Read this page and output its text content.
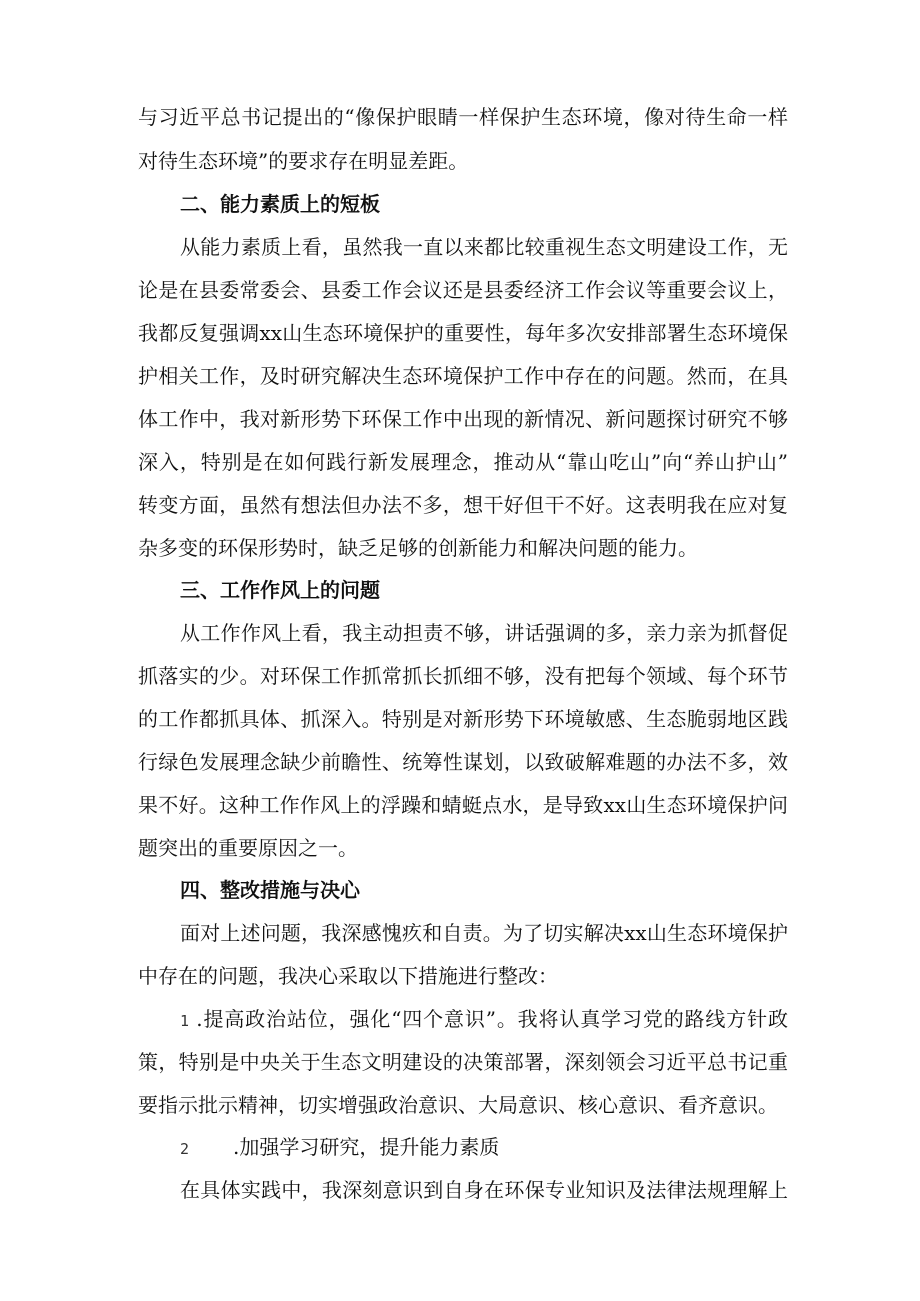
与习近平总书记提出的“像保护眼睛一样保护生态环境，像对待生命一样
对待生态环境”的要求存在明显差距。
二、能力素质上的短板
从能力素质上看，虽然我一直以来都比较重视生态文明建设工作，无
论是在县委常委会、县委工作会议还是县委经济工作会议等重要会议上，
我都反复强调xx山生态环境保护的重要性，每年多次安排部署生态环境保
护相关工作，及时研究解决生态环境保护工作中存在的问题。然而，在具
体工作中，我对新形势下环保工作中出现的新情况、新问题探讨研究不够
深入，特别是在如何践行新发展理念，推动从“靠山吃山”向“养山护山”
转变方面，虽然有想法但办法不多，想干好但干不好。这表明我在应对复
杂多变的环保形势时，缺乏足够的创新能力和解决问题的能力。
三、工作作风上的问题
从工作作风上看，我主动担责不够，讲话强调的多，亲力亲为抓督促
抓落实的少。对环保工作抓常抓长抓细不够，没有把每个领域、每个环节
的工作都抓具体、抓深入。特别是对新形势下环境敏感、生态脆弱地区践
行绿色发展理念缺少前瞻性、统筹性谋划，以致破解难题的办法不多，效
果不好。这种工作作风上的浮躁和蜻蜓点水，是导致xx山生态环境保护问
题突出的重要原因之一。
四、整改措施与决心
面对上述问题，我深感愧疚和自责。为了切实解决xx山生态环境保护
中存在的问题，我决心采取以下措施进行整改：
1 .提高政治站位，强化“四个意识”。我将认真学习党的路线方针政
策，特别是中央关于生态文明建设的决策部署，深刻领会习近平总书记重
要指示批示精神，切实增强政治意识、大局意识、核心意识、看齐意识。
2 .加强学习研究，提升能力素质
在具体实践中，我深刻意识到自身在环保专业知识及法律法规理解上
